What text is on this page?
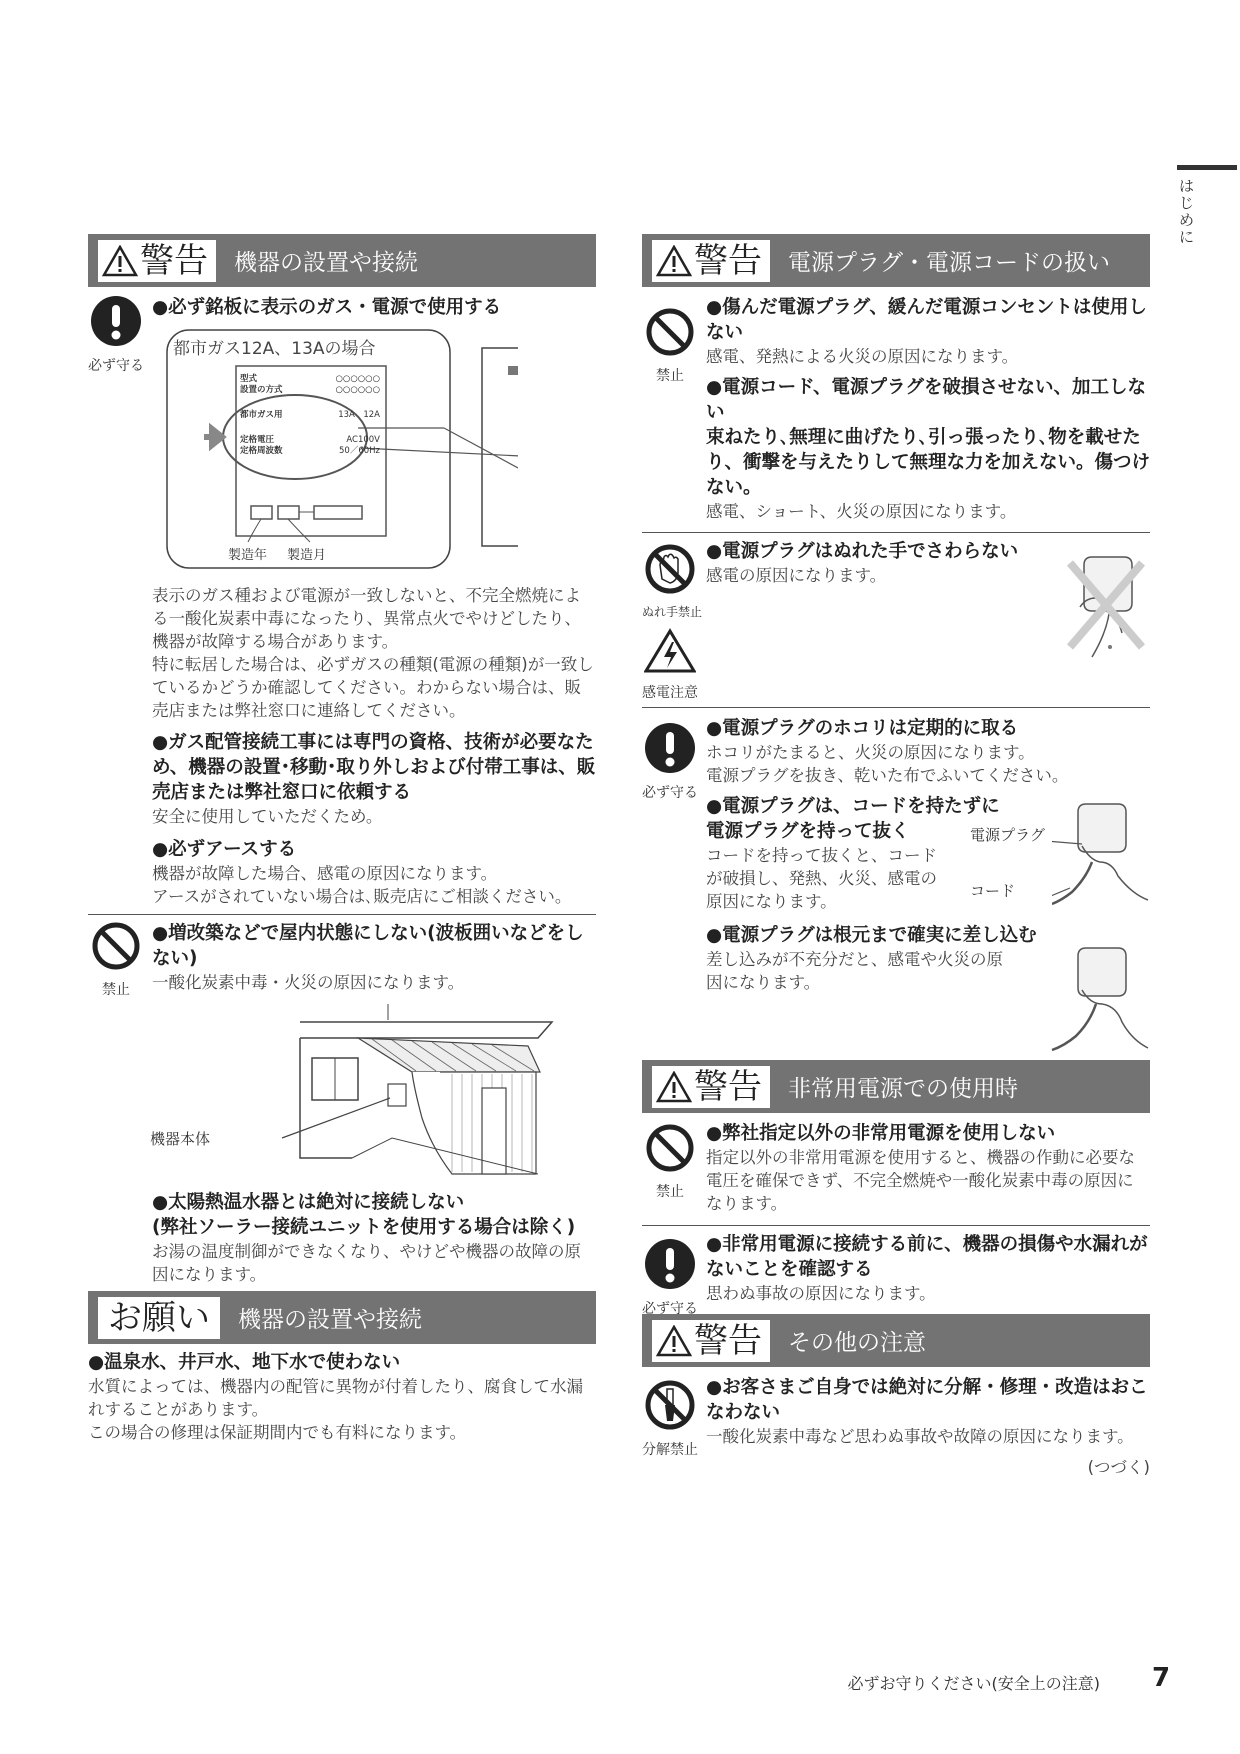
はじめに
警告 機器の設置や接続
必ず守る
●必ず銘板に表示のガス・電源で使用する
都市ガス12A、13Aの場合
型式	○○○○○○
設置の方式	○○○○○○
都市ガス用	13A　12A
定格電圧	AC100V
定格周波数	50／60Hz
製造年 製造月
表示のガス種および電源が一致しないと、不完全燃焼による一酸化炭素中毒になったり、異常点火でやけどしたり、機器が故障する場合があります。
特に転居した場合は、必ずガスの種類(電源の種類)が一致しているかどうか確認してください。わからない場合は、販売店または弊社窓口に連絡してください。
●ガス配管接続工事には専門の資格、技術が必要なため、機器の設置･移動･取り外しおよび付帯工事は、販売店または弊社窓口に依頼する
安全に使用していただくため。
●必ずアースする
機器が故障した場合、感電の原因になります。
アースがされていない場合は､販売店にご相談ください。
禁止
●増改築などで屋内状態にしない(波板囲いなどをしない)
一酸化炭素中毒・火災の原因になります。
機器本体
●太陽熱温水器とは絶対に接続しない
(弊社ソーラー接続ユニットを使用する場合は除く)
お湯の温度制御ができなくなり、やけどや機器の故障の原因になります。
お願い 機器の設置や接続
●温泉水、井戸水、地下水で使わない
水質によっては、機器内の配管に異物が付着したり、腐食して水漏れすることがあります。
この場合の修理は保証期間内でも有料になります。
警告 電源プラグ・電源コードの扱い
禁止
●傷んだ電源プラグ、緩んだ電源コンセントは使用しない
感電、発熱による火災の原因になります。
●電源コード、電源プラグを破損させない、加工しない
束ねたり､無理に曲げたり､引っ張ったり､物を載せたり、衝撃を与えたりして無理な力を加えない。傷つけない。
感電、ショート、火災の原因になります。
ぬれ手禁止
感電注意
●電源プラグはぬれた手でさわらない
感電の原因になります。
必ず守る
●電源プラグのホコリは定期的に取る
ホコリがたまると、火災の原因になります。
電源プラグを抜き、乾いた布でふいてください。
●電源プラグは、コードを持たずに
電源プラグを持って抜く
コードを持って抜くと、コードが破損し、発熱、火災、感電の原因になります。
●電源プラグは根元まで確実に差し込む
差し込みが不充分だと、感電や火災の原因になります。
電源プラグ
コード
警告 非常用電源での使用時
禁止
●弊社指定以外の非常用電源を使用しない
指定以外の非常用電源を使用すると、機器の作動に必要な電圧を確保できず、不完全燃焼や一酸化炭素中毒の原因になります。
必ず守る
●非常用電源に接続する前に、機器の損傷や水漏れがないことを確認する
思わぬ事故の原因になります。
警告 その他の注意
分解禁止
●お客さまご自身では絶対に分解・修理・改造はおこなわない
一酸化炭素中毒など思わぬ事故や故障の原因になります。
(つづく)
必ずお守りください(安全上の注意) 7
